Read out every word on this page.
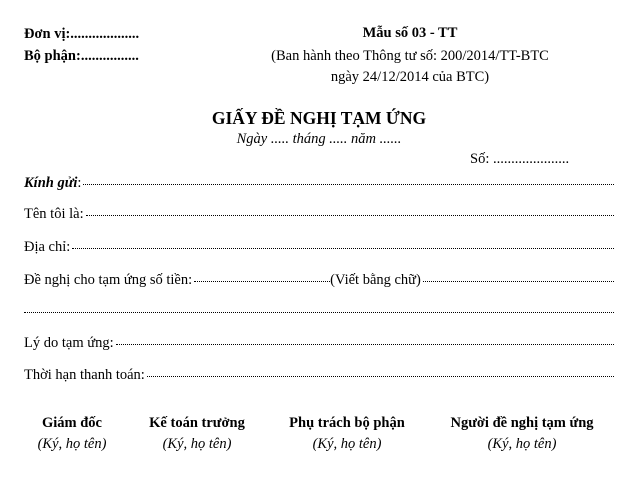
Đơn vị:...................
Bộ phận:................
Mẫu số 03 - TT
(Ban hành theo Thông tư số: 200/2014/TT-BTC
ngày 24/12/2014 của BTC)
GIẤY ĐỀ NGHỊ TẠM ỨNG
Ngày ..... tháng ..... năm ......
Số: .....................
Kính gửi :
Tên tôi là:
Địa chỉ:
Đề nghị cho tạm ứng số tiền:	(Viết bằng chữ)
Lý do tạm ứng:
Thời hạn thanh toán:
Giám đốc
(Ký, họ tên)
Kế toán trưởng
(Ký, họ tên)
Phụ trách bộ phận
(Ký, họ tên)
Người đề nghị tạm ứng
(Ký, họ tên)
